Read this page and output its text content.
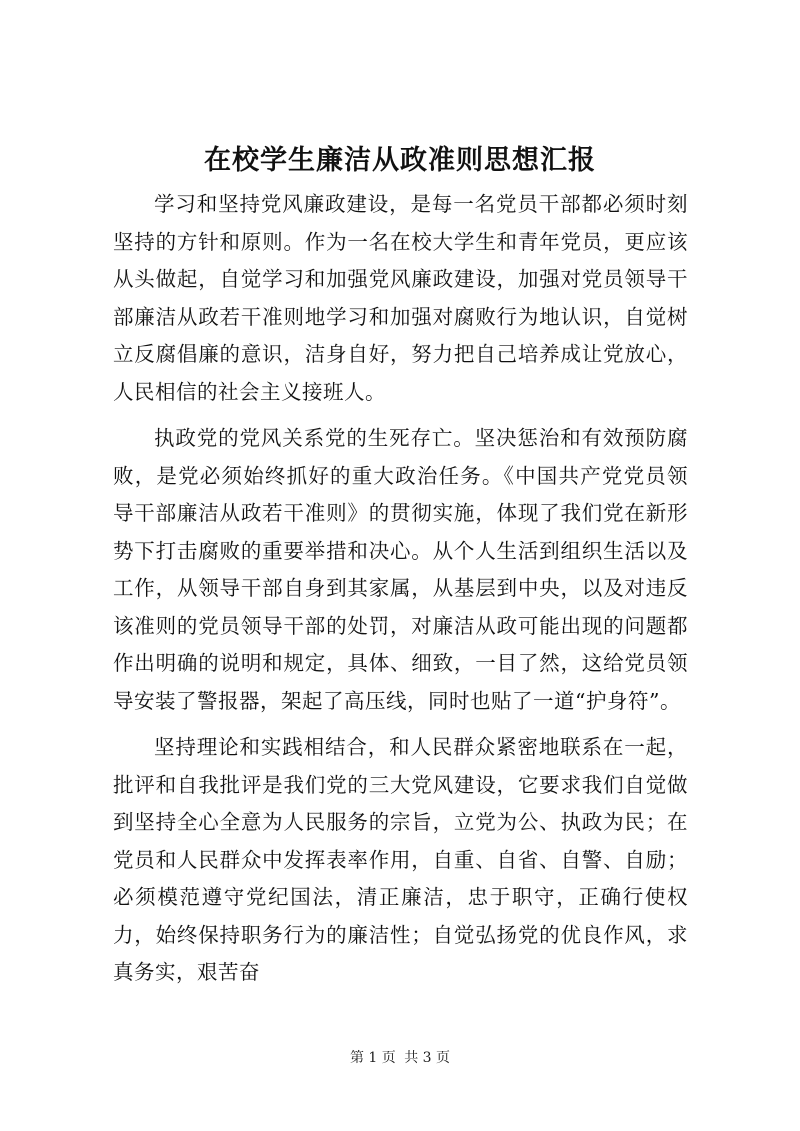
在校学生廉洁从政准则思想汇报

学习和坚持党风廉政建设，是每一名党员干部都必须时刻坚持的方针和原则。作为一名在校大学生和青年党员，更应该从头做起，自觉学习和加强党风廉政建设，加强对党员领导干部廉洁从政若干准则地学习和加强对腐败行为地认识，自觉树立反腐倡廉的意识，洁身自好，努力把自己培养成让党放心，人民相信的社会主义接班人。

执政党的党风关系党的生死存亡。坚决惩治和有效预防腐败，是党必须始终抓好的重大政治任务。《中国共产党党员领导干部廉洁从政若干准则》的贯彻实施，体现了我们党在新形势下打击腐败的重要举措和决心。从个人生活到组织生活以及工作，从领导干部自身到其家属，从基层到中央，以及对违反该准则的党员领导干部的处罚，对廉洁从政可能出现的问题都作出明确的说明和规定，具体、细致，一目了然，这给党员领导安装了警报器，架起了高压线，同时也贴了一道“护身符”。

坚持理论和实践相结合，和人民群众紧密地联系在一起，批评和自我批评是我们党的三大党风建设，它要求我们自觉做到坚持全心全意为人民服务的宗旨，立党为公、执政为民；在党员和人民群众中发挥表率作用，自重、自省、自警、自励；必须模范遵守党纪国法，清正廉洁，忠于职守，正确行使权力，始终保持职务行为的廉洁性；自觉弘扬党的优良作风，求真务实，艰苦奋

第 1 页 共 3 页
